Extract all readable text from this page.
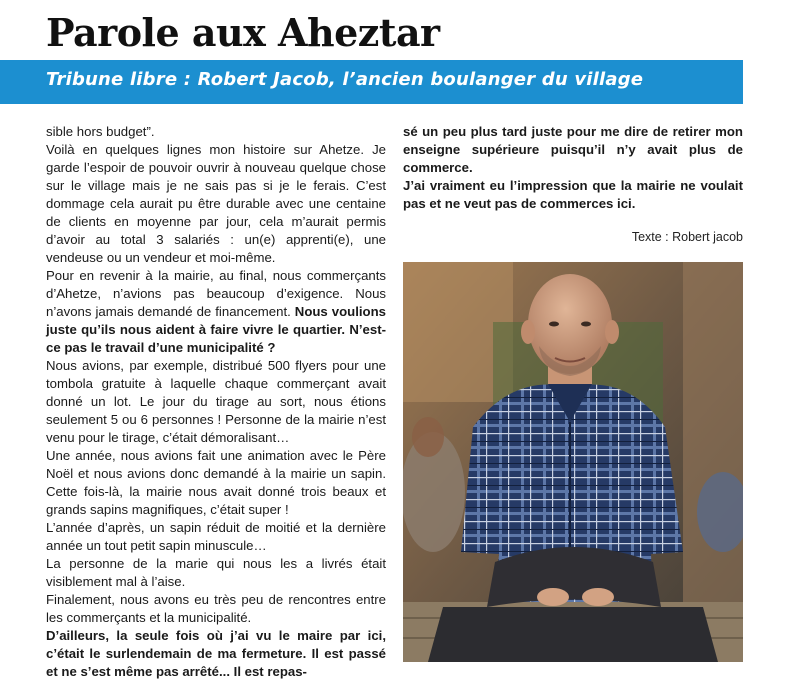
Parole aux Aheztar
Tribune libre : Robert Jacob, l’ancien boulanger du village

sible hors budget”.

Voilà en quelques lignes mon histoire sur Ahetze. Je garde l’espoir de pouvoir ouvrir à nouveau quelque chose sur le village mais je ne sais pas si je le ferais. C’est dommage cela aurait pu être durable avec une centaine de clients en moyenne par jour, cela m’aurait permis d’avoir au total 3 salariés : un(e) apprenti(e), une vendeuse ou un vendeur et moi-même.

Pour en revenir à la mairie, au final, nous commerçants d’Ahetze, n’avions pas beaucoup d’exigence. Nous n’avons jamais demandé de financement. Nous voulions juste qu’ils nous aident à faire vivre le quartier. N’est-ce pas le travail d’une municipalité ?

Nous avions, par exemple, distribué 500 flyers pour une tombola gratuite à laquelle chaque commerçant avait donné un lot. Le jour du tirage au sort, nous étions seulement 5 ou 6 personnes ! Personne de la mairie n’est venu pour le tirage, c’était démoralisant…

Une année, nous avions fait une animation avec le Père Noël et nous avions donc demandé à la mairie un sapin. Cette fois-là, la mairie nous avait donné trois beaux et grands sapins magnifiques, c’était super !

L’année d’après, un sapin réduit de moitié et la dernière année un tout petit sapin minuscule…

La personne de la marie qui nous les a livrés était visiblement mal à l’aise.

Finalement, nous avons eu très peu de rencontres entre les commerçants et la municipalité.

D’ailleurs, la seule fois où j’ai vu le maire par ici, c’était le surlendemain de ma fermeture. Il est passé et ne s’est même pas arrêté... Il est repas-

sé un peu plus tard juste pour me dire de retirer mon enseigne supérieure puisqu’il n’y avait plus de commerce.

J’ai vraiment eu l’impression que la mairie ne voulait pas et ne veut pas de commerces ici.

Texte : Robert jacob
